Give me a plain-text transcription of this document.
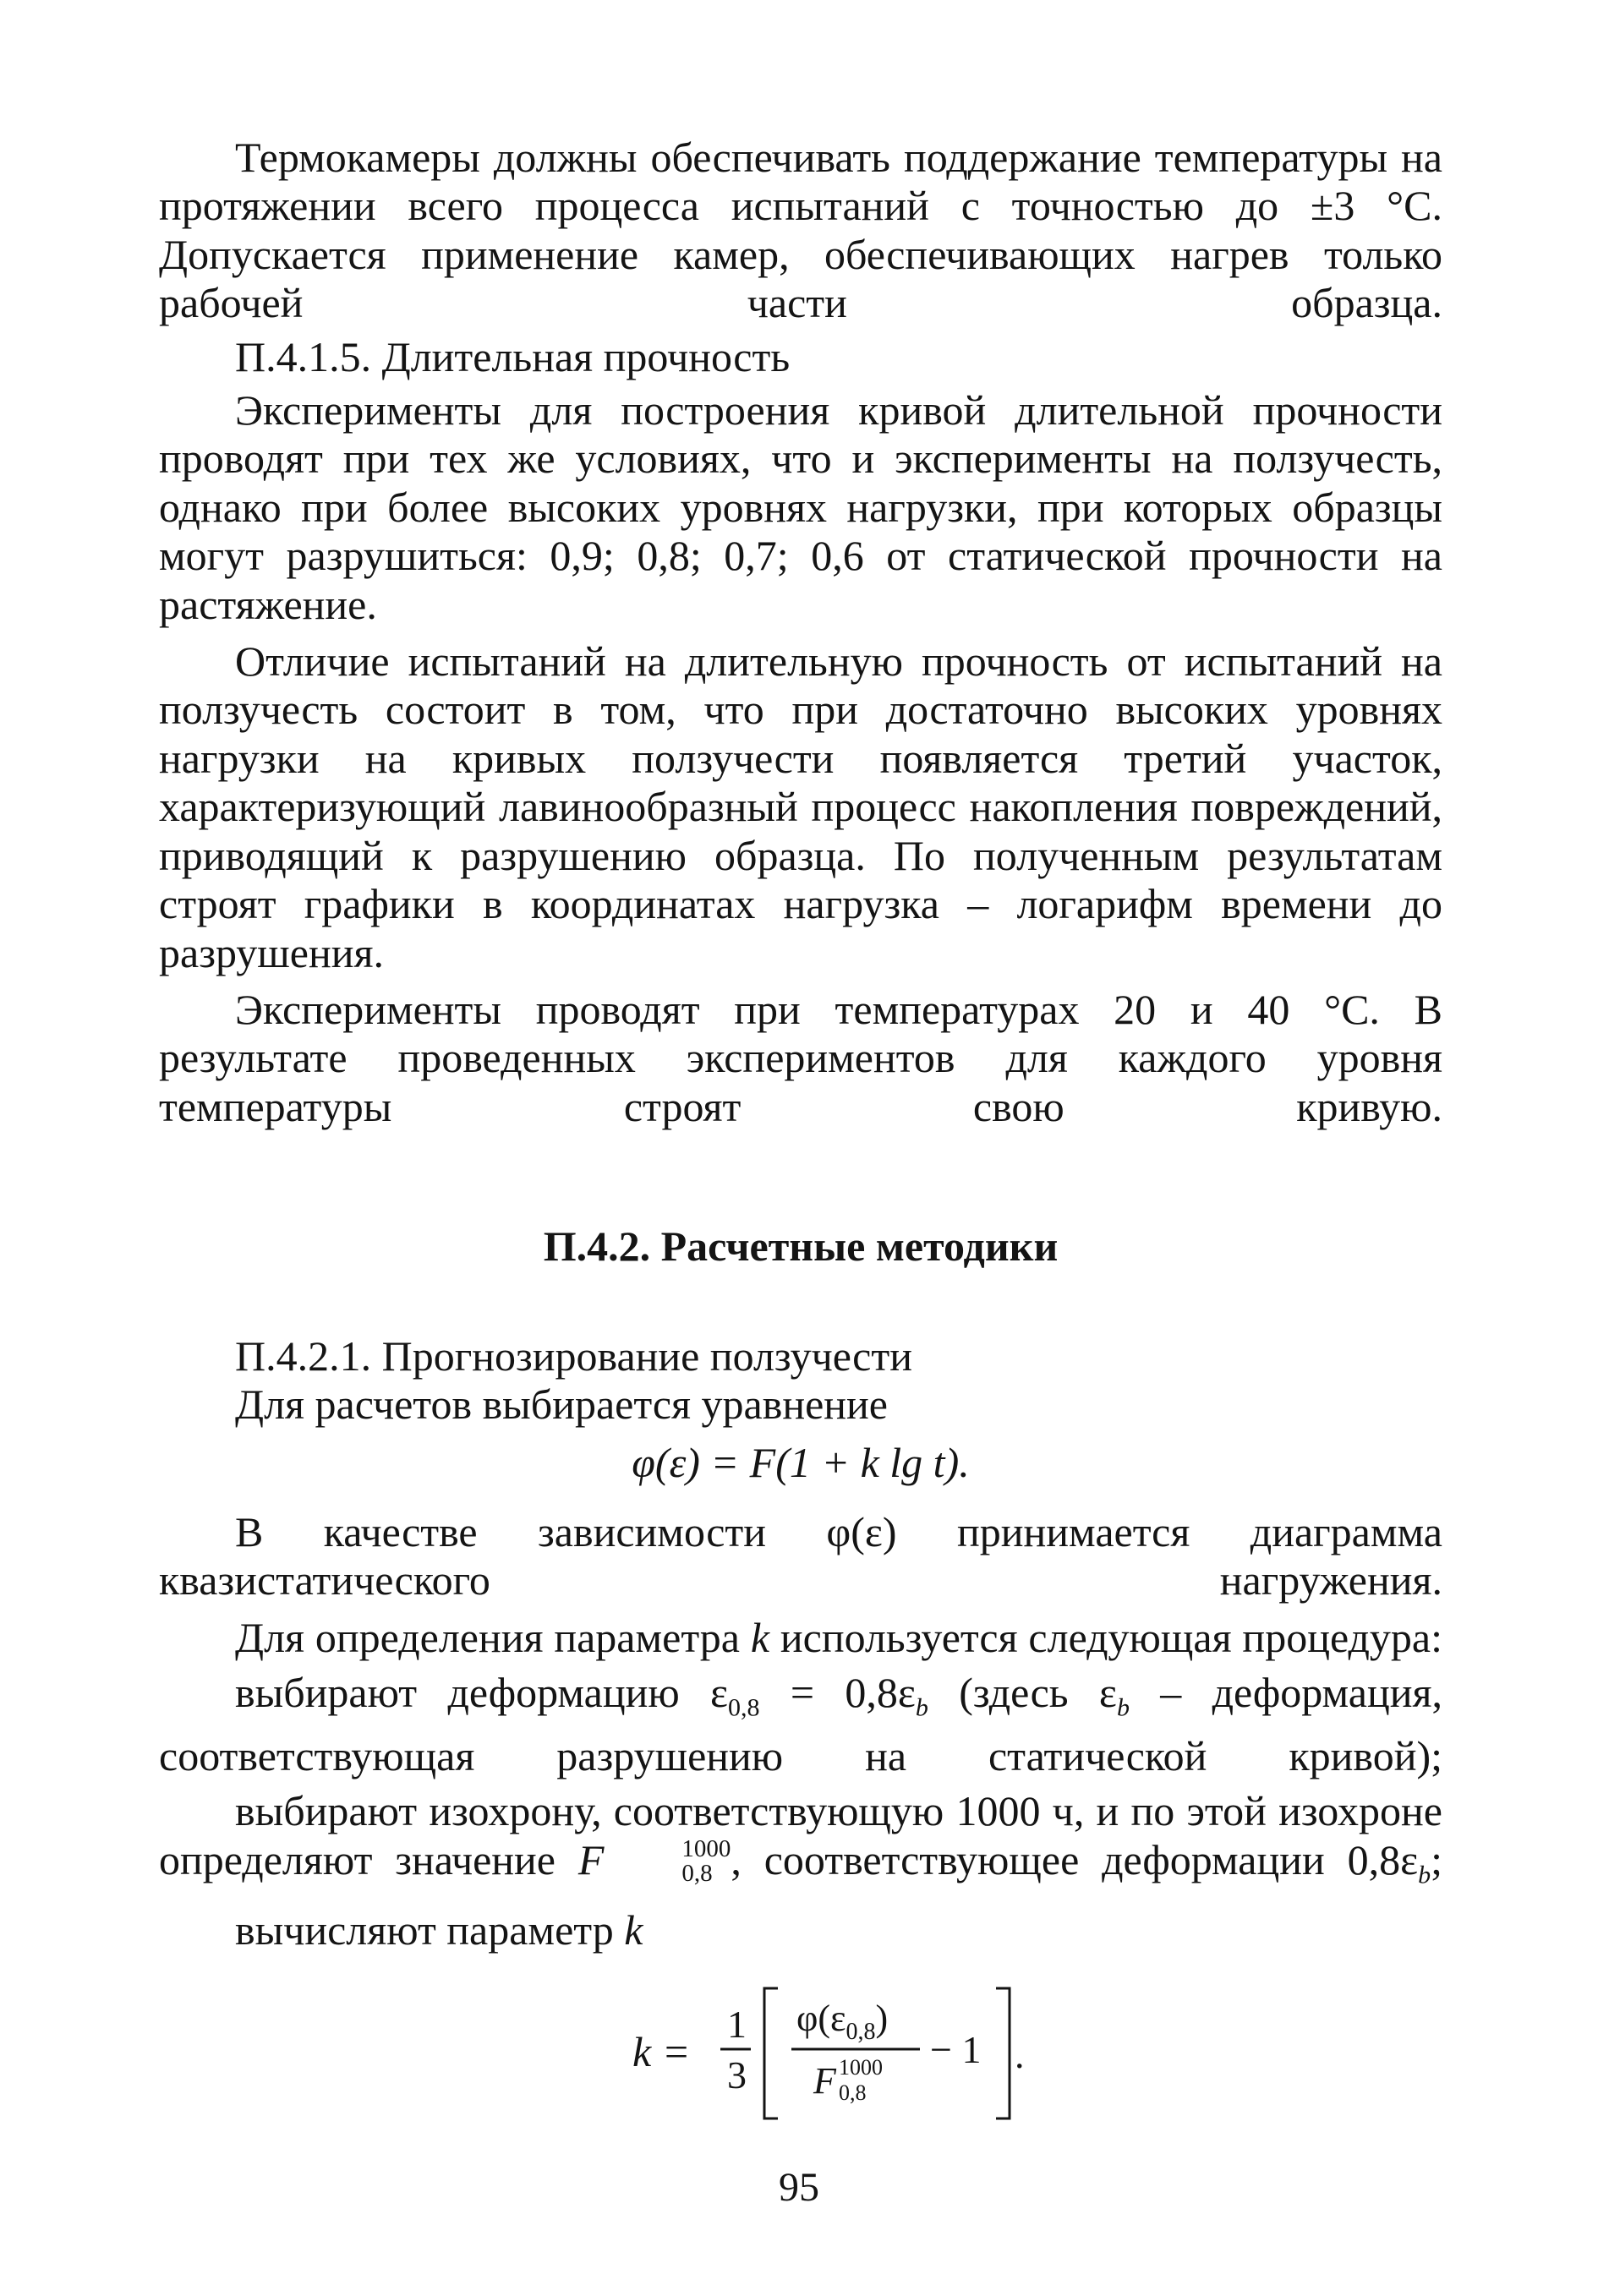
Термокамеры должны обеспечивать поддержание температуры на протяжении всего процесса испытаний с точностью до ±3 °С. Допускается применение камер, обеспечивающих нагрев только рабочей части образца.

П.4.1.5. Длительная прочность

Эксперименты для построения кривой длительной прочности проводят при тех же условиях, что и эксперименты на ползучесть, однако при более высоких уровнях нагрузки, при которых образцы могут разрушиться: 0,9; 0,8; 0,7; 0,6 от статической прочности на растяжение.

Отличие испытаний на длительную прочность от испытаний на ползучесть состоит в том, что при достаточно высоких уровнях нагрузки на кривых ползучести появляется третий участок, характеризующий лавинообразный процесс накопления повреждений, приводящий к разрушению образца. По полученным результатам строят графики в координатах нагрузка – логарифм времени до разрушения.

Эксперименты проводят при температурах 20 и 40 °С. В результате проведенных экспериментов для каждого уровня температуры строят свою кривую.

П.4.2. Расчетные методики

П.4.2.1. Прогнозирование ползучести

Для расчетов выбирается уравнение

φ(ε) = F(1 + k lg t).

В качестве зависимости φ(ε) принимается диаграмма квазистатического нагружения.

Для определения параметра k используется следующая процедура:

выбирают деформацию $\varepsilon_{0,8} = 0,8\varepsilon_b$ (здесь $\varepsilon_b$ – деформация, соответствующая разрушению на статической кривой);

выбирают изохрону, соответствующую 1000 ч, и по этой изохроне определяют значение F	1000
0,8 , соответствующее деформации $0,8\varepsilon_b$;

вычисляют параметр k

k =
1
3
$\varphi(\varepsilon_{0,8})$
F 1000
0,8
− 1 .
95
